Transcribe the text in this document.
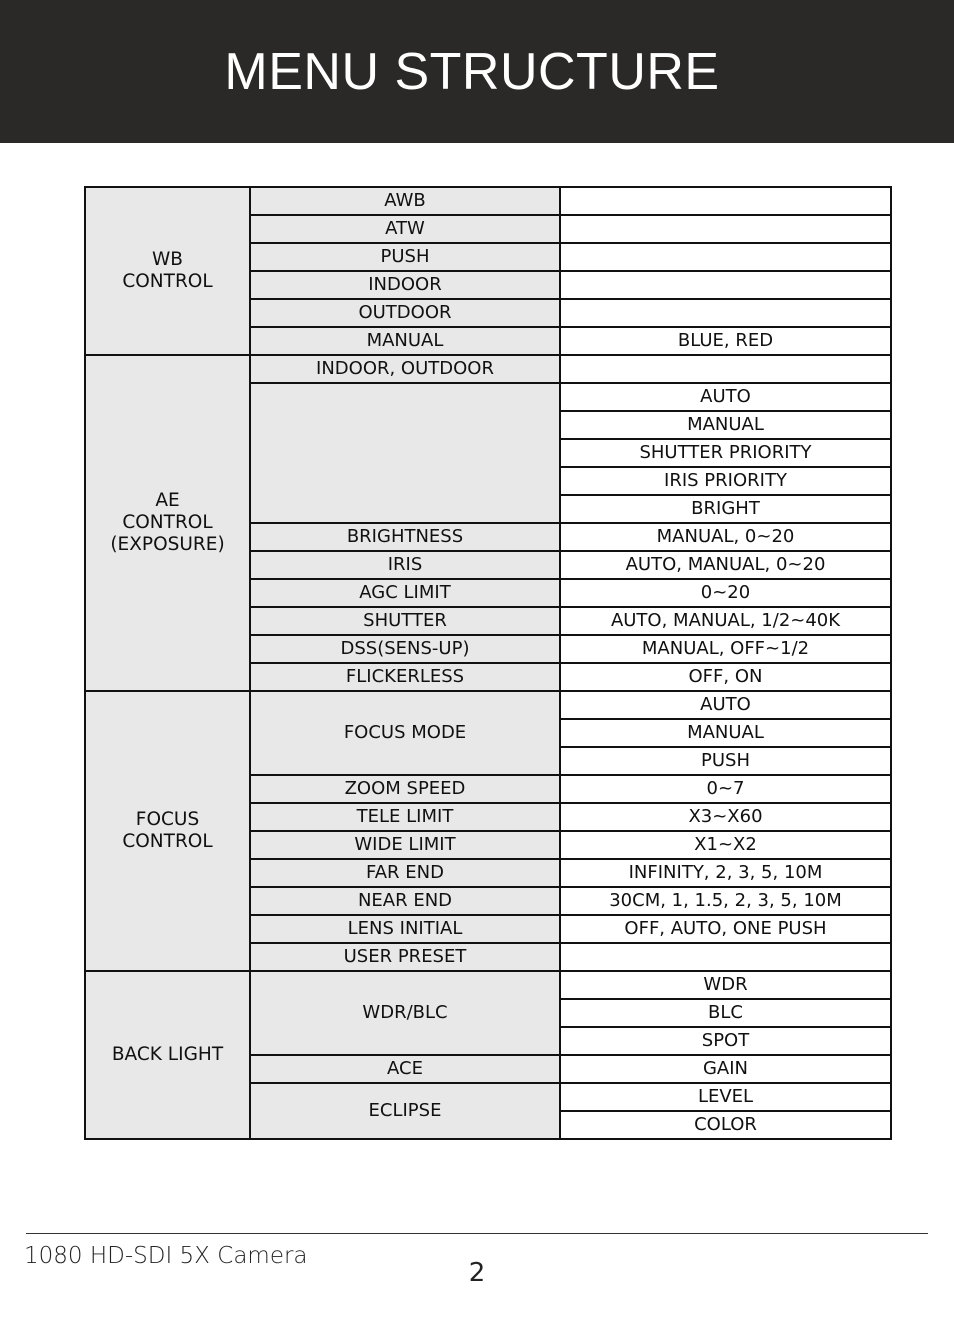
MENU STRUCTURE
WB
CONTROL	AWB	
	ATW	
	PUSH	
	INDOOR	
	OUTDOOR	
	MANUAL	BLUE, RED
AE
CONTROL
(EXPOSURE)	INDOOR, OUTDOOR	
		AUTO
		MANUAL
		SHUTTER PRIORITY
		IRIS PRIORITY
		BRIGHT
	BRIGHTNESS	MANUAL, 0~20
	IRIS	AUTO, MANUAL, 0~20
	AGC LIMIT	0~20
	SHUTTER	AUTO, MANUAL, 1/2~40K
	DSS(SENS-UP)	MANUAL, OFF~1/2
	FLICKERLESS	OFF, ON
FOCUS
CONTROL	FOCUS MODE	AUTO
		MANUAL
		PUSH
	ZOOM SPEED	0~7
	TELE LIMIT	X3~X60
	WIDE LIMIT	X1~X2
	FAR END	INFINITY, 2, 3, 5, 10M
	NEAR END	30CM, 1, 1.5, 2, 3, 5, 10M
	LENS INITIAL	OFF, AUTO, ONE PUSH
	USER PRESET	
BACK LIGHT	WDR/BLC	WDR
		BLC
		SPOT
	ACE	GAIN
	ECLIPSE	LEVEL
		COLOR
1080 HD-SDI 5X Camera
2
